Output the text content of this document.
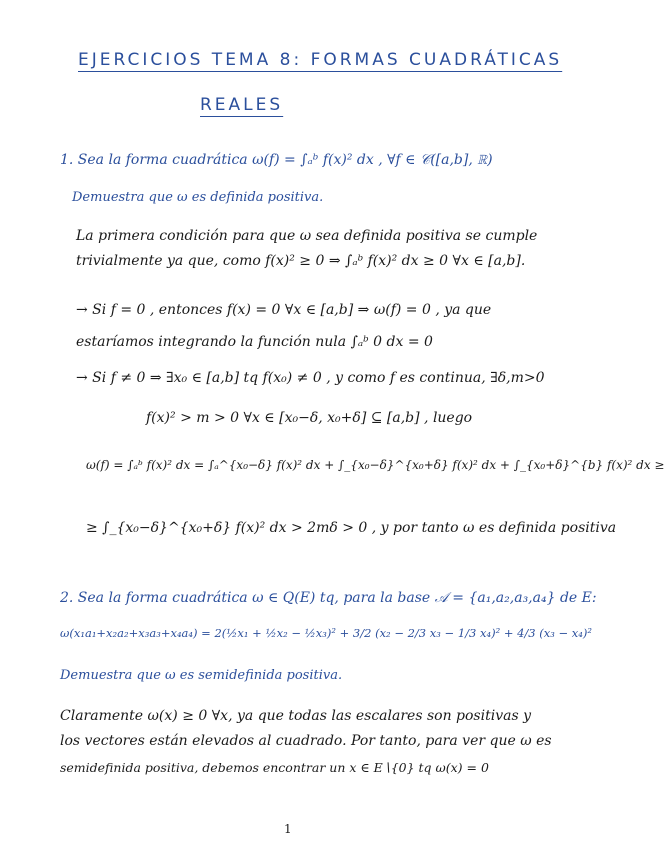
EJERCICIOS TEMA 8: FORMAS CUADRÁTICAS
REALES
1. Sea la forma cuadrática ω(f) = ∫ₐᵇ f(x)² dx , ∀f ∈ 𝒞([a,b], ℝ)
Demuestra que ω es definida positiva.
La primera condición para que ω sea definida positiva se cumple
trivialmente ya que, como f(x)² ≥ 0 ⇒ ∫ₐᵇ f(x)² dx ≥ 0 ∀x ∈ [a,b].
→ Si f = 0 , entonces f(x) = 0 ∀x ∈ [a,b] ⇒ ω(f) = 0 , ya que
estaríamos integrando la función nula ∫ₐᵇ 0 dx = 0
→ Si f ≠ 0 ⇒ ∃x₀ ∈ [a,b] tq f(x₀) ≠ 0 , y como f es continua, ∃δ,m>0
f(x)² > m > 0 ∀x ∈ [x₀−δ, x₀+δ] ⊆ [a,b] , luego
ω(f) = ∫ₐᵇ f(x)² dx = ∫ₐ^{x₀−δ} f(x)² dx + ∫_{x₀−δ}^{x₀+δ} f(x)² dx + ∫_{x₀+δ}^{b} f(x)² dx ≥
≥ ∫_{x₀−δ}^{x₀+δ} f(x)² dx > 2mδ > 0 , y por tanto ω es definida positiva
2. Sea la forma cuadrática ω ∈ Q(E) tq, para la base 𝒜 = {a₁,a₂,a₃,a₄} de E:
ω(x₁a₁+x₂a₂+x₃a₃+x₄a₄) = 2(½x₁ + ½x₂ − ½x₃)² + 3/2 (x₂ − 2/3 x₃ − 1/3 x₄)² + 4/3 (x₃ − x₄)²
Demuestra que ω es semidefinida positiva.
Claramente ω(x) ≥ 0 ∀x, ya que todas las escalares son positivas y
los vectores están elevados al cuadrado. Por tanto, para ver que ω es
semidefinida positiva, debemos encontrar un x ∈ E∖{0} tq ω(x) = 0
1
